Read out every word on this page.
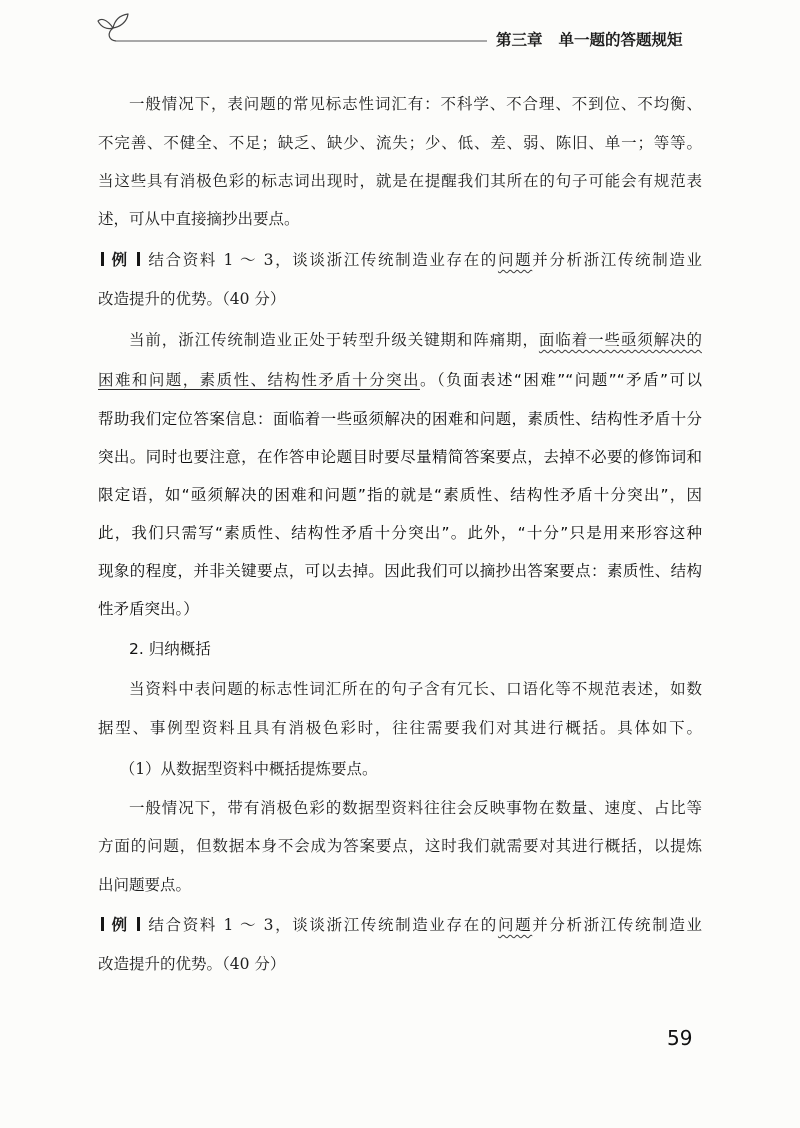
第三章 单一题的答题规矩
一般情况下，表问题的常见标志性词汇有：不科学、不合理、不到位、不均衡、
不完善、不健全、不足；缺乏、缺少、流失；少、低、差、弱、陈旧、单一；等等。
当这些具有消极色彩的标志词出现时，就是在提醒我们其所在的句子可能会有规范表
述，可从中直接摘抄出要点。
例 结合资料 1 ～ 3，谈谈浙江传统制造业存在的问题并分析浙江传统制造业
改造提升的优势。（40 分）
当前，浙江传统制造业正处于转型升级关键期和阵痛期，面临着一些亟须解决的
困难和问题，素质性、结构性矛盾十分突出。（负面表述“困难”“问题”“矛盾”可以
帮助我们定位答案信息：面临着一些亟须解决的困难和问题，素质性、结构性矛盾十分
突出。同时也要注意，在作答申论题目时要尽量精简答案要点，去掉不必要的修饰词和
限定语，如“亟须解决的困难和问题”指的就是“素质性、结构性矛盾十分突出”，因
此，我们只需写“素质性、结构性矛盾十分突出”。此外，“十分”只是用来形容这种
现象的程度，并非关键要点，可以去掉。因此我们可以摘抄出答案要点：素质性、结构
性矛盾突出。）
2. 归纳概括
当资料中表问题的标志性词汇所在的句子含有冗长、口语化等不规范表述，如数
据型、事例型资料且具有消极色彩时，往往需要我们对其进行概括。具体如下。
（1）从数据型资料中概括提炼要点。
一般情况下，带有消极色彩的数据型资料往往会反映事物在数量、速度、占比等
方面的问题，但数据本身不会成为答案要点，这时我们就需要对其进行概括，以提炼
出问题要点。
例 结合资料 1 ～ 3，谈谈浙江传统制造业存在的问题并分析浙江传统制造业
改造提升的优势。（40 分）
59
